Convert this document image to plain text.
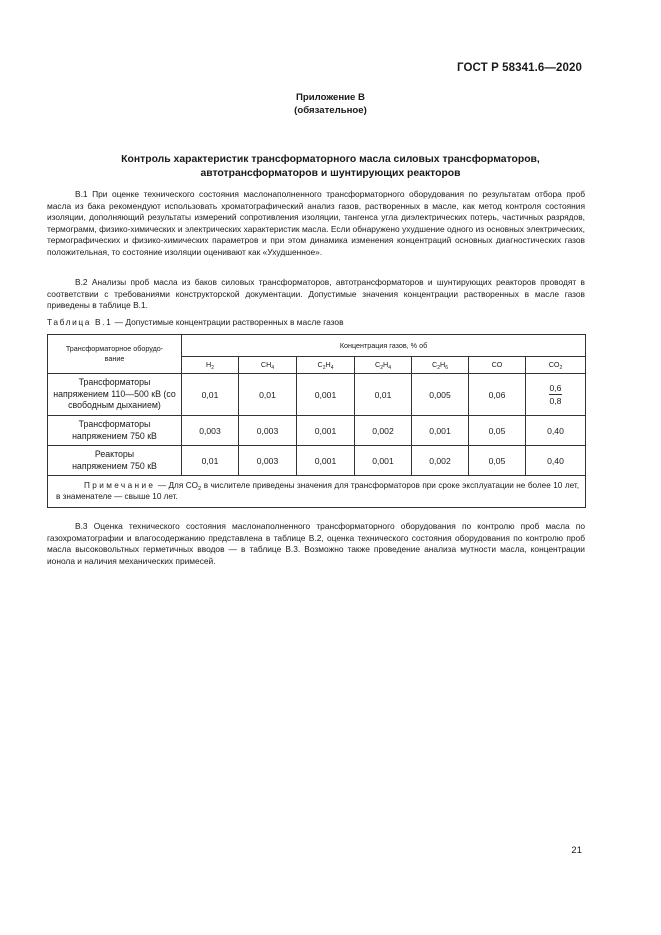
ГОСТ Р 58341.6—2020
Приложение В
(обязательное)
Контроль характеристик трансформаторного масла силовых трансформаторов,
автотрансформаторов и шунтирующих реакторов

В.1 При оценке технического состояния маслонаполненного трансформаторного оборудования по результатам отбора проб масла из бака рекомендуют использовать хроматографический анализ газов, растворенных в масле, как метод контроля состояния изоляции, дополняющий результаты измерений сопротивления изоляции, тангенса угла диэлектрических потерь, частичных разрядов, термограмм, физико-химических и электрических характеристик масла. Если обнаружено ухудшение одного из основных электрических, термографических и физико-химических параметров и при этом динамика изменения концентраций основных диагностических газов положительная, то состояние изоляции оценивают как «Ухудшенное».

В.2 Анализы проб масла из баков силовых трансформаторов, автотрансформаторов и шунтирующих реакторов проводят в соответствии с требованиями конструкторской документации. Допустимые значения концентрации растворенных в масле газов приведены в таблице В.1.

Таблица В.1 — Допустимые концентрации растворенных в масле газов
Трансформаторное оборудо-вание	Концентрация газов, % об						
	$H_2$	$CH_4$	$C_2H_4$	$C_2H_4$	$C_2H_6$	CO	$CO_2$
Трансформаторы напряжением 110—500 кВ (со свободным дыханием)	0,01	0,01	0,001	0,01	0,005	0,06	$\frac{0,6}{0,8}$

Трансформаторы напряжением 750 кВ	0,003	0,003	0,001	0,002	0,001	0,05	0,40
Реакторы напряжением 750 кВ	0,01	0,003	0,001	0,001	0,002	0,05	0,40
Примечание — Для $CO_2$ в числителе приведены значения для трансформаторов при сроке эксплуатации не более 10 лет, в знаменателе — свыше 10 лет.							

В.3 Оценка технического состояния маслонаполненного трансформаторного оборудования по контролю проб масла по газохроматографии и влагосодержанию представлена в таблице В.2, оценка технического состояния оборудования по контролю проб масла высоковольтных герметичных вводов — в таблице В.3. Возможно также проведение анализа мутности масла, концентрации ионола и наличия механических примесей.

21
